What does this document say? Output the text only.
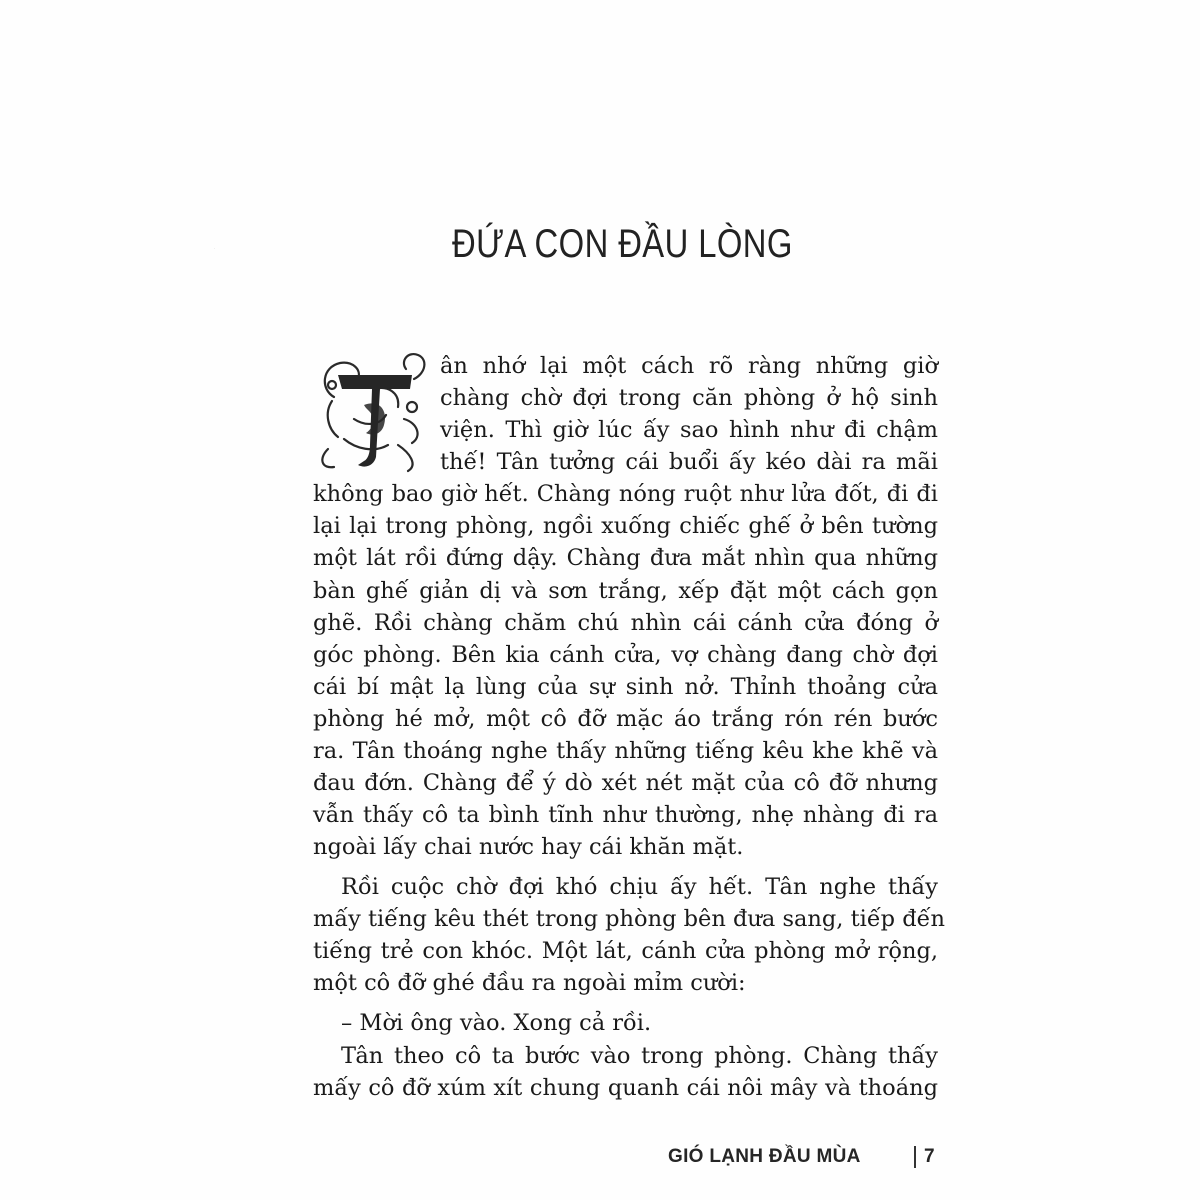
ĐỨA CON ĐẦU LÒNG
T
ân nhớ lại một cách rõ ràng những giờ
chàng chờ đợi trong căn phòng ở hộ sinh
viện. Thì giờ lúc ấy sao hình như đi chậm
thế! Tân tưởng cái buổi ấy kéo dài ra mãi
không bao giờ hết. Chàng nóng ruột như lửa đốt, đi đi
lại lại trong phòng, ngồi xuống chiếc ghế ở bên tường
một lát rồi đứng dậy. Chàng đưa mắt nhìn qua những
bàn ghế giản dị và sơn trắng, xếp đặt một cách gọn
ghẽ. Rồi chàng chăm chú nhìn cái cánh cửa đóng ở
góc phòng. Bên kia cánh cửa, vợ chàng đang chờ đợi
cái bí mật lạ lùng của sự sinh nở. Thỉnh thoảng cửa
phòng hé mở, một cô đỡ mặc áo trắng rón rén bước
ra. Tân thoáng nghe thấy những tiếng kêu khe khẽ và
đau đớn. Chàng để ý dò xét nét mặt của cô đỡ nhưng
vẫn thấy cô ta bình tĩnh như thường, nhẹ nhàng đi ra
ngoài lấy chai nước hay cái khăn mặt.
Rồi cuộc chờ đợi khó chịu ấy hết. Tân nghe thấy
mấy tiếng kêu thét trong phòng bên đưa sang, tiếp đến
tiếng trẻ con khóc. Một lát, cánh cửa phòng mở rộng,
một cô đỡ ghé đầu ra ngoài mỉm cười:
– Mời ông vào. Xong cả rồi.
Tân theo cô ta bước vào trong phòng. Chàng thấy
mấy cô đỡ xúm xít chung quanh cái nôi mây và thoáng
GIÓ LẠNH ĐẦU MÙA	7
